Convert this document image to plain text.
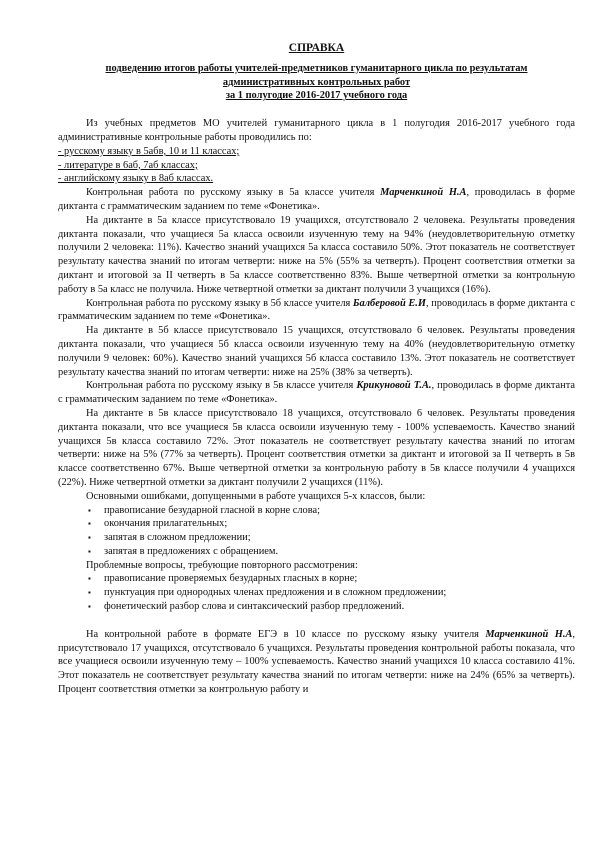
СПРАВКА

подведению итогов работы учителей-предметников гуманитарного цикла по результатам

административных контрольных работ

за 1 полугодие 2016-2017 учебного года

Из учебных предметов МО учителей гуманитарного цикла в 1 полугодия 2016-2017 учебного года административные контрольные работы проводились по:

- русскому языку в 5абв, 10 и 11 классах;
- литературе в 6аб, 7аб классах;
- английскому языку в 8аб классах.

Контрольная работа по русскому языку в 5а классе учителя Марченкиной Н.А, проводилась в форме диктанта с грамматическим заданием по теме «Фонетика».

На диктанте в 5а классе присутствовало 19 учащихся, отсутствовало 2 человека. Результаты проведения диктанта показали, что учащиеся 5а класса освоили изученную тему на 94% (неудовлетворительную отметку получили 2 человека: 11%). Качество знаний учащихся 5а класса составило 50%. Этот показатель не соответствует результату качества знаний по итогам четверти: ниже на 5% (55% за четверть). Процент соответствия отметки за диктант и итоговой за II четверть в 5а классе соответственно 83%. Выше четвертной отметки за контрольную работу в 5а класс не получила. Ниже четвертной отметки за диктант получили 3 учащихся (16%).

Контрольная работа по русскому языку в 5б классе учителя Балберовой Е.И, проводилась в форме диктанта с грамматическим заданием по теме «Фонетика».

На диктанте в 5б классе присутствовало 15 учащихся, отсутствовало 6 человек. Результаты проведения диктанта показали, что учащиеся 5б класса освоили изученную тему на 40% (неудовлетворительную отметку получили 9 человек: 60%). Качество знаний учащихся 5б класса составило 13%. Этот показатель не соответствует результату качества знаний по итогам четверти: ниже на 25% (38% за четверть).

Контрольная работа по русскому языку в 5в классе учителя Крикуновой Т.А., проводилась в форме диктанта с грамматическим заданием по теме «Фонетика».

На диктанте в 5в классе присутствовало 18 учащихся, отсутствовало 6 человек. Результаты проведения диктанта показали, что все учащиеся 5в класса освоили изученную тему - 100% успеваемость. Качество знаний учащихся 5в класса составило 72%. Этот показатель не соответствует результату качества знаний по итогам четверти: ниже на 5% (77% за четверть). Процент соответствия отметки за диктант и итоговой за II четверть в 5в классе соответственно 67%. Выше четвертной отметки за контрольную работу в 5в классе получили 4 учащихся (22%). Ниже четвертной отметки за диктант получили 2 учащихся (11%).

Основными ошибками, допущенными в работе учащихся 5-х классов, были:

▪ правописание безударной гласной в корне слова;
▪ окончания прилагательных;
▪ запятая в сложном предложении;
▪ запятая в предложениях с обращением.

Проблемные вопросы, требующие повторного рассмотрения:

▪ правописание проверяемых безударных гласных в корне;
▪ пунктуация при однородных членах предложения и в сложном предложении;
▪ фонетический разбор слова и синтаксический разбор предложений.

На контрольной работе в формате ЕГЭ в 10 классе по русскому языку учителя Марченкиной Н.А, присутствовало 17 учащихся, отсутствовало 6 учащихся. Результаты проведения контрольной работы показала, что все учащиеся освоили изученную тему – 100% успеваемость. Качество знаний учащихся 10 класса составило 41%. Этот показатель не соответствует результату качества знаний по итогам четверти: ниже на 24% (65% за четверть). Процент соответствия отметки за контрольную работу и
